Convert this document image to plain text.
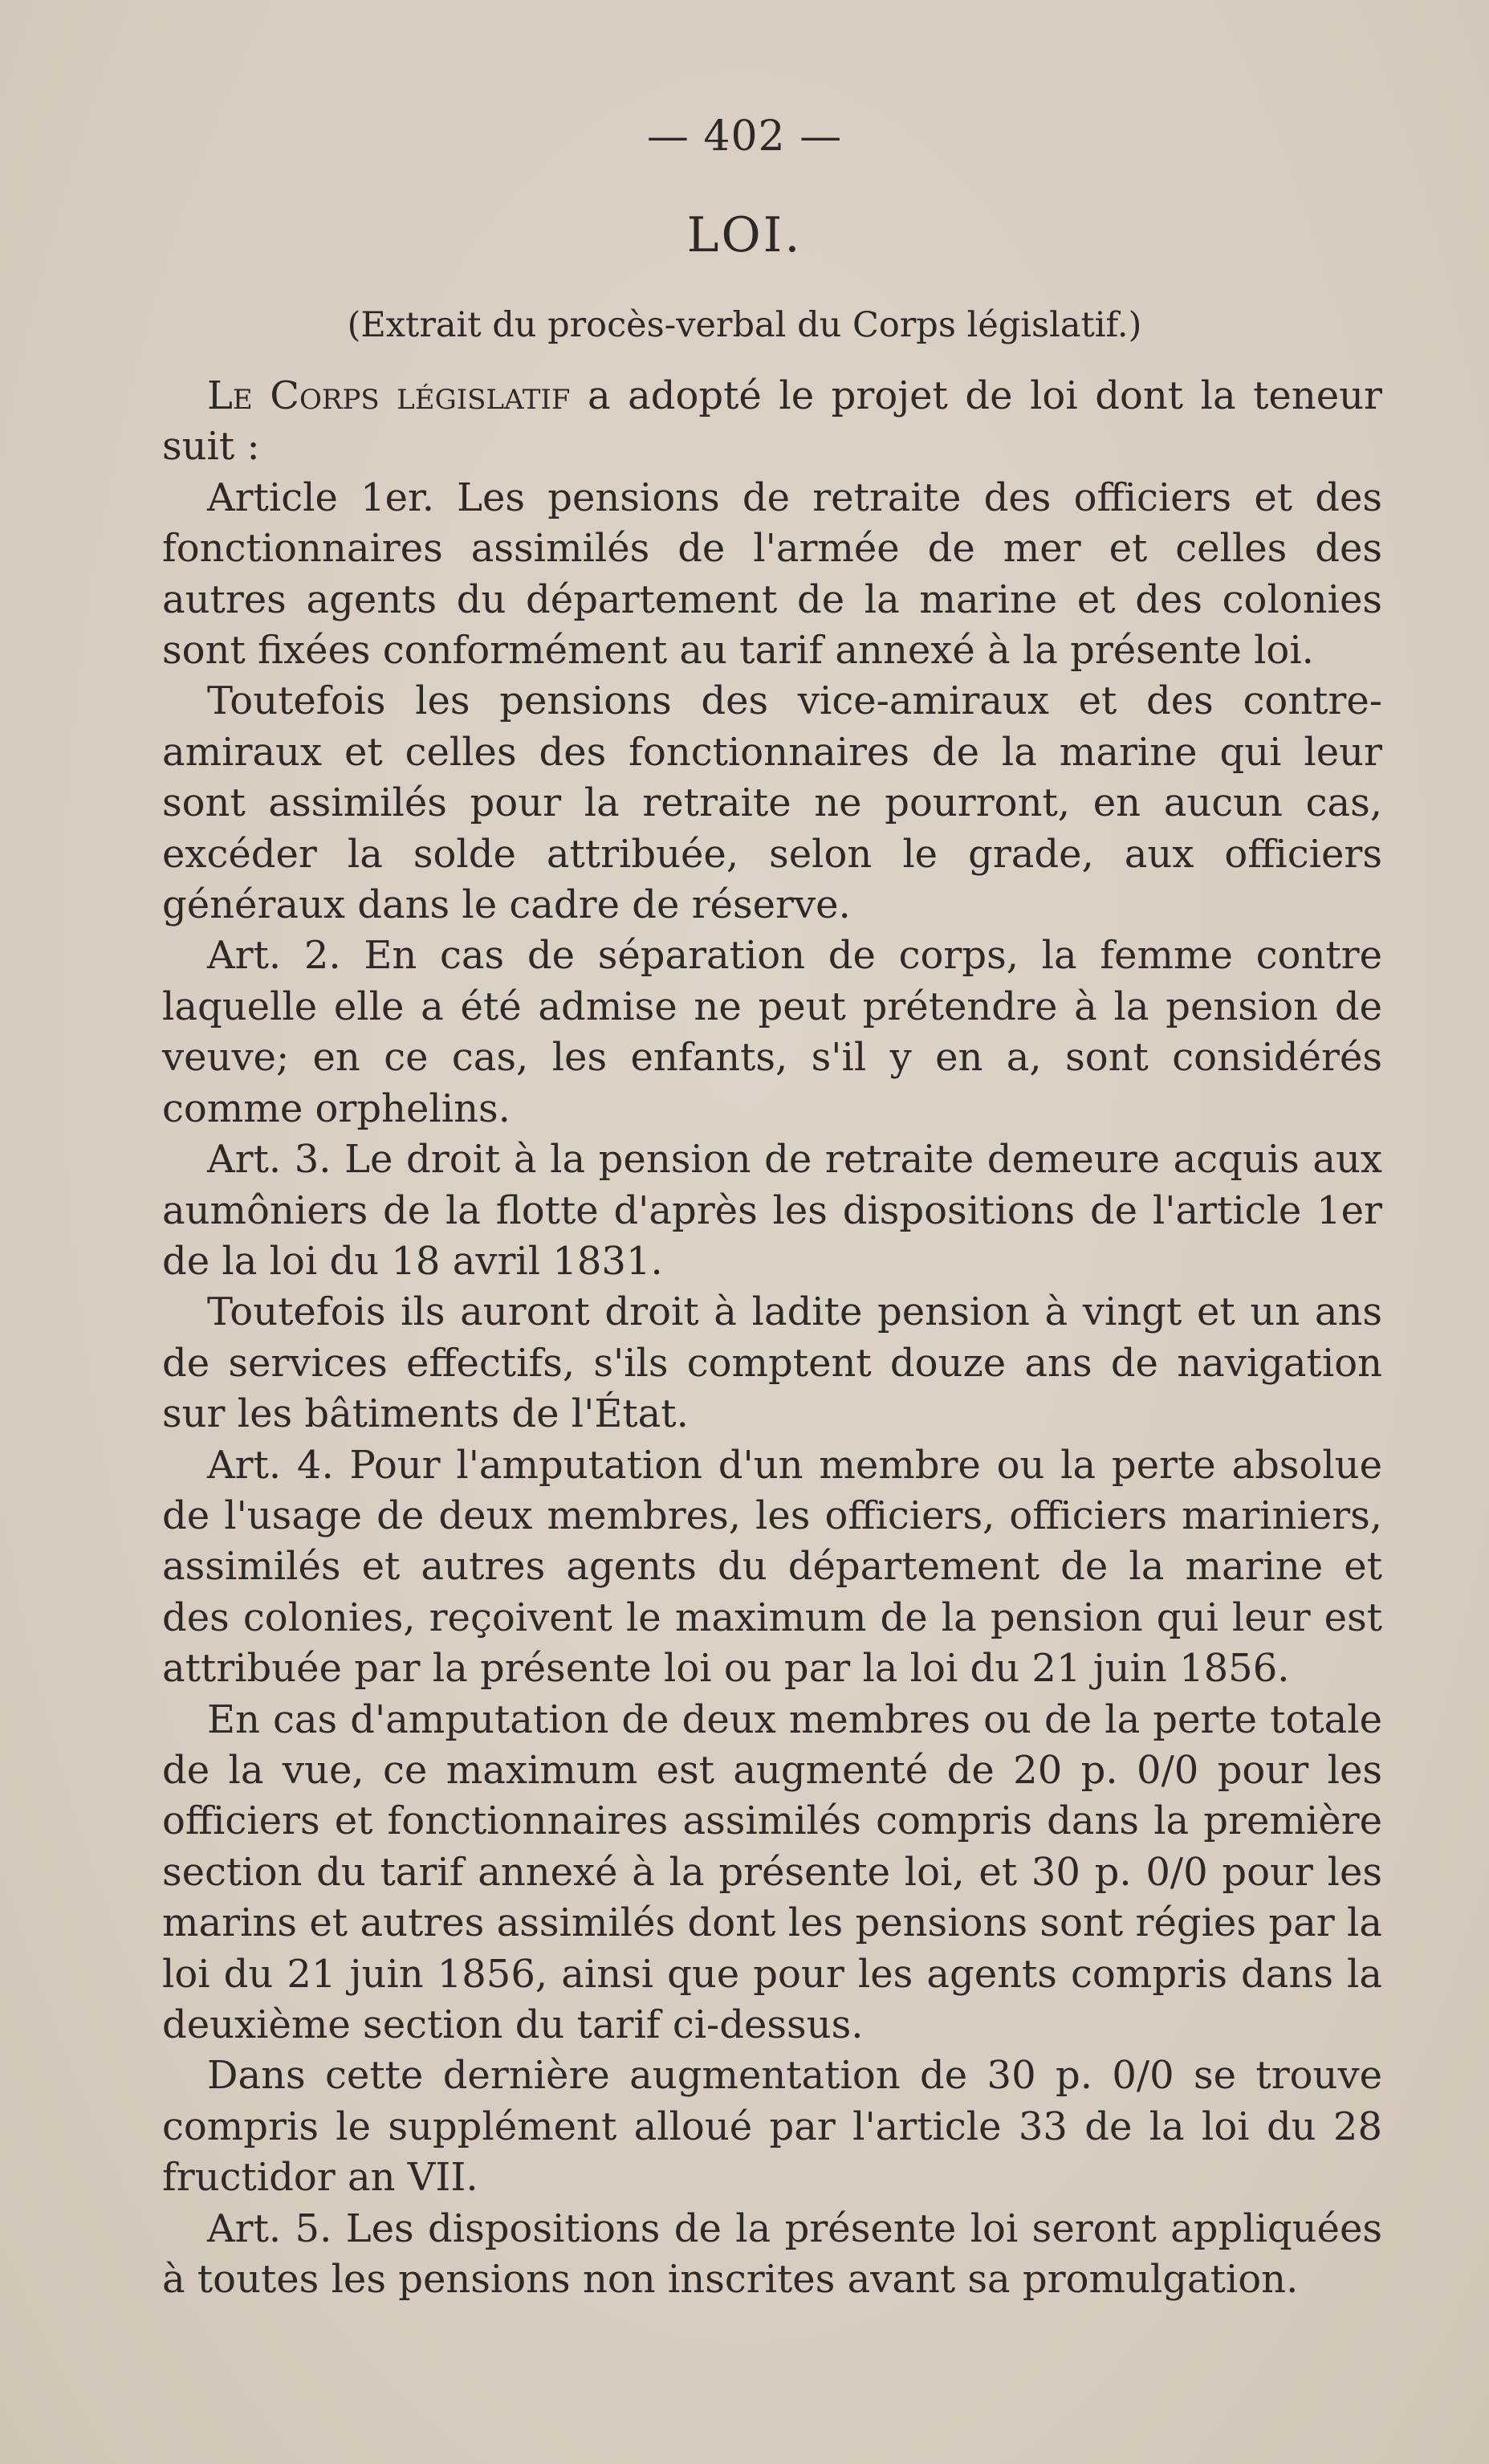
— 402 —
LOI.
(Extrait du procès-verbal du Corps législatif.)

Le Corps législatif a adopté le projet de loi dont la teneur suit :

Article 1er. Les pensions de retraite des officiers et des fonctionnaires assimilés de l'armée de mer et celles des autres agents du département de la marine et des colonies sont fixées conformément au tarif annexé à la présente loi.

Toutefois les pensions des vice-amiraux et des contre-amiraux et celles des fonctionnaires de la marine qui leur sont assimilés pour la retraite ne pourront, en aucun cas, excéder la solde attribuée, selon le grade, aux officiers généraux dans le cadre de réserve.

Art. 2. En cas de séparation de corps, la femme contre laquelle elle a été admise ne peut prétendre à la pension de veuve; en ce cas, les enfants, s'il y en a, sont considérés comme orphelins.

Art. 3. Le droit à la pension de retraite demeure acquis aux aumôniers de la flotte d'après les dispositions de l'article 1er de la loi du 18 avril 1831.

Toutefois ils auront droit à ladite pension à vingt et un ans de services effectifs, s'ils comptent douze ans de navigation sur les bâtiments de l'État.

Art. 4. Pour l'amputation d'un membre ou la perte absolue de l'usage de deux membres, les officiers, officiers mariniers, assimilés et autres agents du département de la marine et des colonies, reçoivent le maximum de la pension qui leur est attribuée par la présente loi ou par la loi du 21 juin 1856.

En cas d'amputation de deux membres ou de la perte totale de la vue, ce maximum est augmenté de 20 p. 0/0 pour les officiers et fonctionnaires assimilés compris dans la première section du tarif annexé à la présente loi, et 30 p. 0/0 pour les marins et autres assimilés dont les pensions sont régies par la loi du 21 juin 1856, ainsi que pour les agents compris dans la deuxième section du tarif ci-dessus.

Dans cette dernière augmentation de 30 p. 0/0 se trouve compris le supplément alloué par l'article 33 de la loi du 28 fructidor an VII.

Art. 5. Les dispositions de la présente loi seront appliquées à toutes les pensions non inscrites avant sa promulgation.
